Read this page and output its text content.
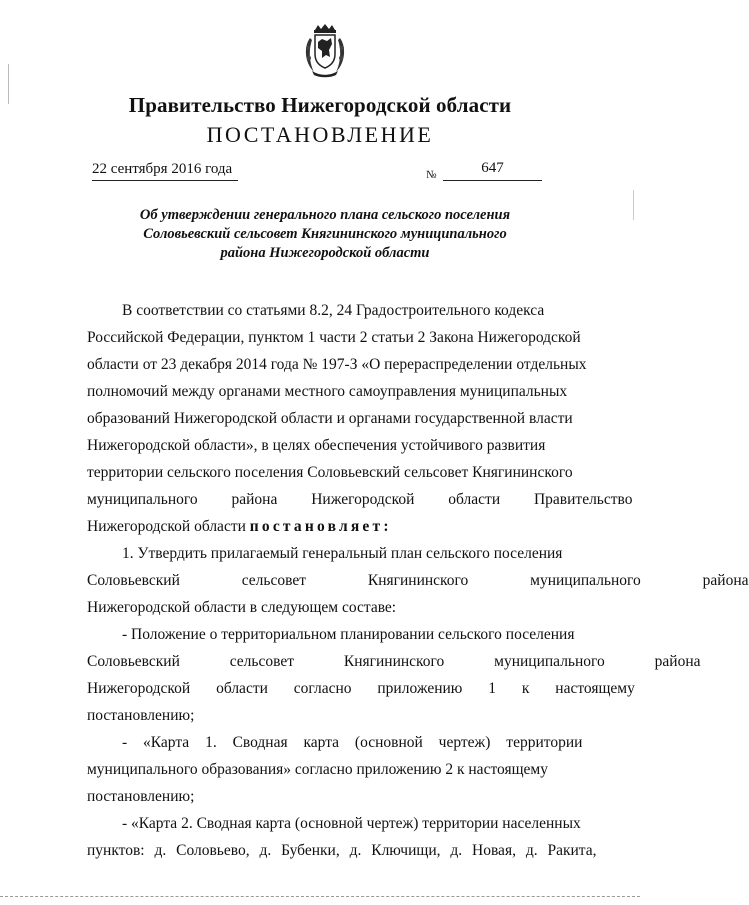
Правительство Нижегородской области
ПОСТАНОВЛЕНИЕ
22 сентября 2016 года	№	647
Об утверждении генерального плана сельского поселения
Соловьевский сельсовет Княгининского муниципального
района Нижегородской области
В соответствии со статьями 8.2, 24 Градостроительного кодекса
Российской Федерации, пунктом 1 части 2 статьи 2 Закона Нижегородской
области от 23 декабря 2014 года № 197-З «О перераспределении отдельных
полномочий между органами местного самоуправления муниципальных
образований Нижегородской области и органами государственной власти
Нижегородской области», в целях обеспечения устойчивого развития
территории сельского поселения Соловьевский сельсовет Княгининского
муниципального района Нижегородской области Правительство
Нижегородской области постановляет:
1. Утвердить прилагаемый генеральный план сельского поселения
Соловьевский сельсовет Княгининского муниципального района
Нижегородской области в следующем составе:
- Положение о территориальном планировании сельского поселения
Соловьевский сельсовет Княгининского муниципального района
Нижегородской области согласно приложению 1 к настоящему
постановлению;
- «Карта 1. Сводная карта (основной чертеж) территории
муниципального образования» согласно приложению 2 к настоящему
постановлению;
- «Карта 2. Сводная карта (основной чертеж) территории населенных
пунктов: д. Соловьево, д. Бубенки, д. Ключищи, д. Новая, д. Ракита,
